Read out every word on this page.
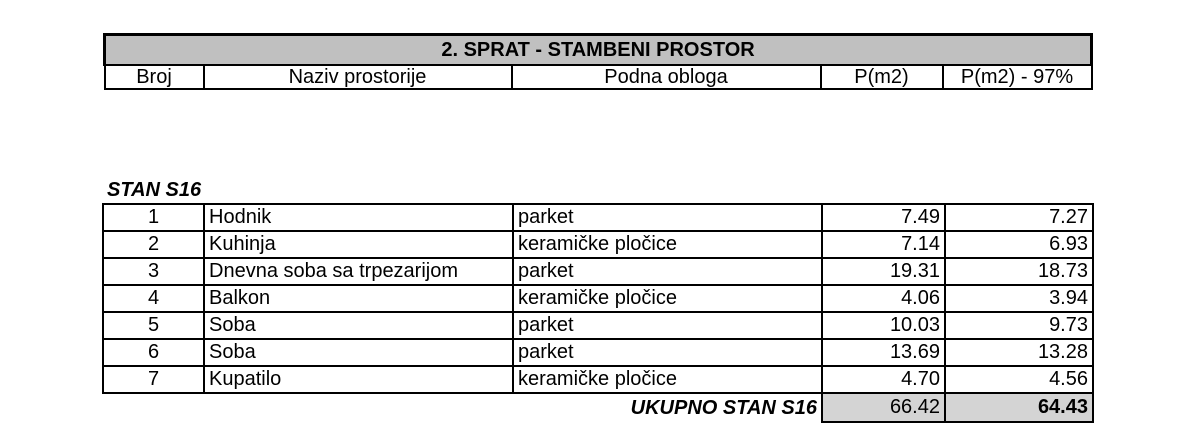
2. SPRAT - STAMBENI PROSTOR
Broj	Naziv prostorije	Podna obloga	P(m2)	P(m2) - 97%
STAN S16
1	Hodnik	parket	7.49	7.27
2	Kuhinja	keramičke pločice	7.14	6.93
3	Dnevna soba sa trpezarijom	parket	19.31	18.73
4	Balkon	keramičke pločice	4.06	3.94
5	Soba	parket	10.03	9.73
6	Soba	parket	13.69	13.28
7	Kupatilo	keramičke pločice	4.70	4.56
		UKUPNO STAN S16	66.42	64.43
